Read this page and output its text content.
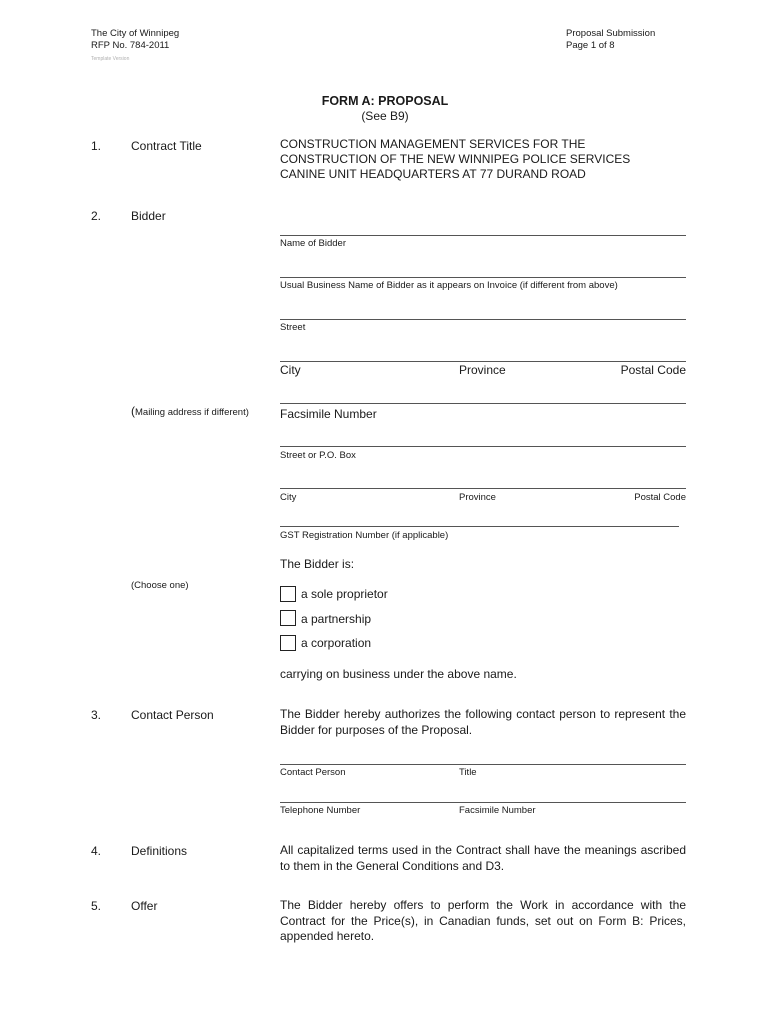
The City of Winnipeg
RFP No. 784-2011
Template Version
Proposal Submission
Page 1 of 8
FORM A: PROPOSAL
(See B9)
1. Contract Title	CONSTRUCTION MANAGEMENT SERVICES FOR THE
CONSTRUCTION OF THE NEW WINNIPEG POLICE SERVICES
CANINE UNIT HEADQUARTERS AT 77 DURAND ROAD
2. Bidder
Name of Bidder
Usual Business Name of Bidder as it appears on Invoice (if different from above)
Street
City	Province	Postal Code
(Mailing address if different)	Facsimile Number
Street or P.O. Box
City	Province	Postal Code
GST Registration Number (if applicable)
The Bidder is:
(Choose one)
a sole proprietor
a partnership
a corporation
carrying on business under the above name.
3. Contact Person	The Bidder hereby authorizes the following contact person to represent the Bidder for purposes of the Proposal.
Contact Person	Title
Telephone Number	Facsimile Number
4. Definitions	All capitalized terms used in the Contract shall have the meanings ascribed to them in the General Conditions and D3.
5. Offer	The Bidder hereby offers to perform the Work in accordance with the Contract for the Price(s), in Canadian funds, set out on Form B: Prices, appended hereto.
